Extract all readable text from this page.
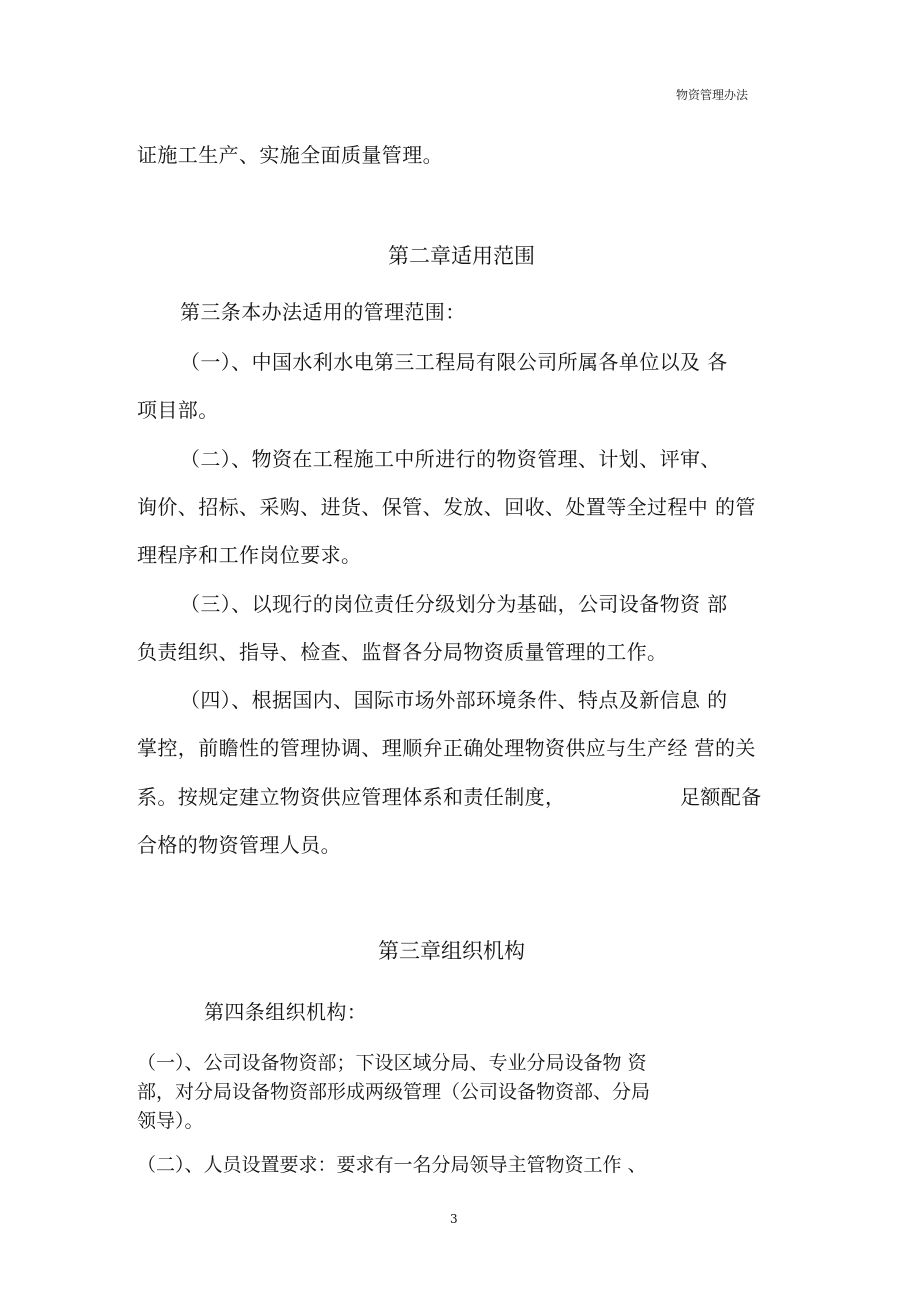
物资管理办法

证施工生产、实施全面质量管理。

第二章适用范围

第三条本办法适用的管理范围：

（一）、中国水利水电第三工程局有限公司所属各单位以及 各

项目部。

（二）、物资在工程施工中所进行的物资管理、计划、评审、

询价、招标、采购、进货、保管、发放、回收、处置等全过程中 的管

理程序和工作岗位要求。

（三）、以现行的岗位责任分级划分为基础，公司设备物资 部

负责组织、指导、检查、监督各分局物资质量管理的工作。

（四）、根据国内、国际市场外部环境条件、特点及新信息 的

掌控，前瞻性的管理协调、理顺弁正确处理物资供应与生产经 营的关

系。按规定建立物资供应管理体系和责任制度，	足额配备

合格的物资管理人员。

第三章组织机构

第四条组织机构：

（一）、公司设备物资部；下设区域分局、专业分局设备物 资

部，对分局设备物资部形成两级管理（公司设备物资部、分局

领导）。

（二）、人员设置要求：要求有一名分局领导主管物资工作 、

3
